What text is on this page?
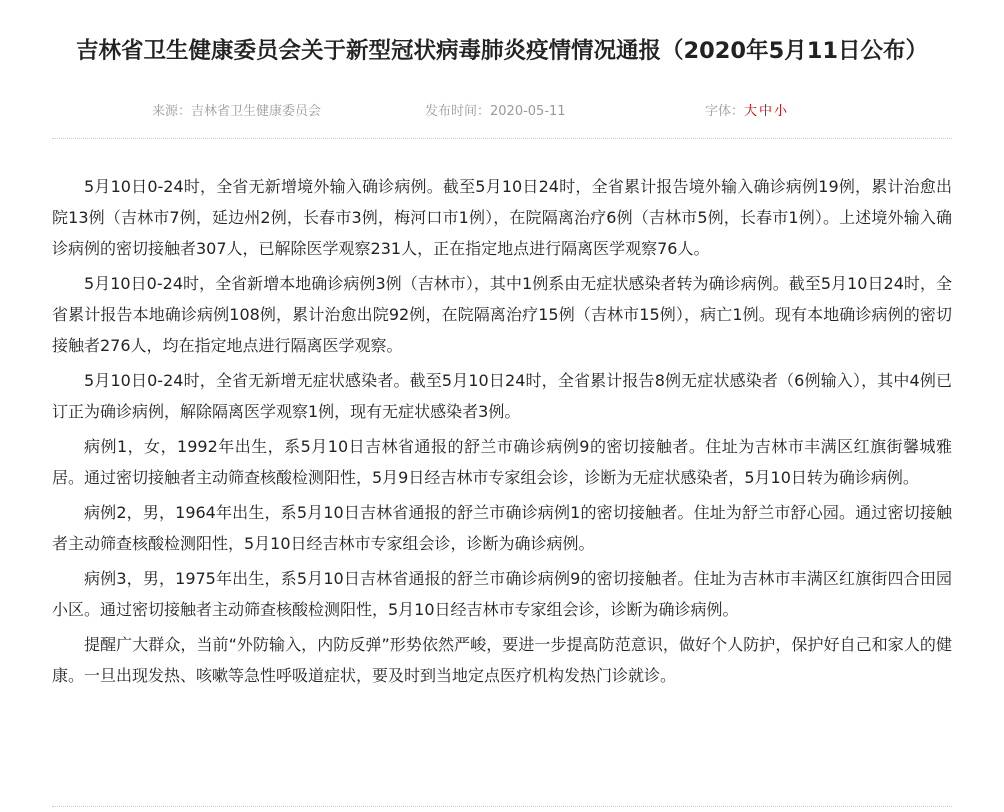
吉林省卫生健康委员会关于新型冠状病毒肺炎疫情情况通报（2020年5月11日公布）
来源：吉林省卫生健康委员会	发布时间：2020-05-11	字体：大 中 小

5月10日0-24时，全省无新增境外输入确诊病例。截至5月10日24时，全省累计报告境外输入确诊病例19例，累计治愈出院13例（吉林市7例，延边州2例，长春市3例，梅河口市1例），在院隔离治疗6例（吉林市5例，长春市1例）。上述境外输入确诊病例的密切接触者307人，已解除医学观察231人，正在指定地点进行隔离医学观察76人。

5月10日0-24时，全省新增本地确诊病例3例（吉林市），其中1例系由无症状感染者转为确诊病例。截至5月10日24时，全省累计报告本地确诊病例108例，累计治愈出院92例，在院隔离治疗15例（吉林市15例），病亡1例。现有本地确诊病例的密切接触者276人，均在指定地点进行隔离医学观察。

5月10日0-24时，全省无新增无症状感染者。截至5月10日24时，全省累计报告8例无症状感染者（6例输入），其中4例已订正为确诊病例，解除隔离医学观察1例，现有无症状感染者3例。

病例1，女，1992年出生，系5月10日吉林省通报的舒兰市确诊病例9的密切接触者。住址为吉林市丰满区红旗街馨城雅居。通过密切接触者主动筛查核酸检测阳性，5月9日经吉林市专家组会诊，诊断为无症状感染者，5月10日转为确诊病例。

病例2，男，1964年出生，系5月10日吉林省通报的舒兰市确诊病例1的密切接触者。住址为舒兰市舒心园。通过密切接触者主动筛查核酸检测阳性，5月10日经吉林市专家组会诊，诊断为确诊病例。

病例3，男，1975年出生，系5月10日吉林省通报的舒兰市确诊病例9的密切接触者。住址为吉林市丰满区红旗街四合田园小区。通过密切接触者主动筛查核酸检测阳性，5月10日经吉林市专家组会诊，诊断为确诊病例。

提醒广大群众，当前“外防输入，内防反弹”形势依然严峻，要进一步提高防范意识，做好个人防护，保护好自己和家人的健康。一旦出现发热、咳嗽等急性呼吸道症状，要及时到当地定点医疗机构发热门诊就诊。
